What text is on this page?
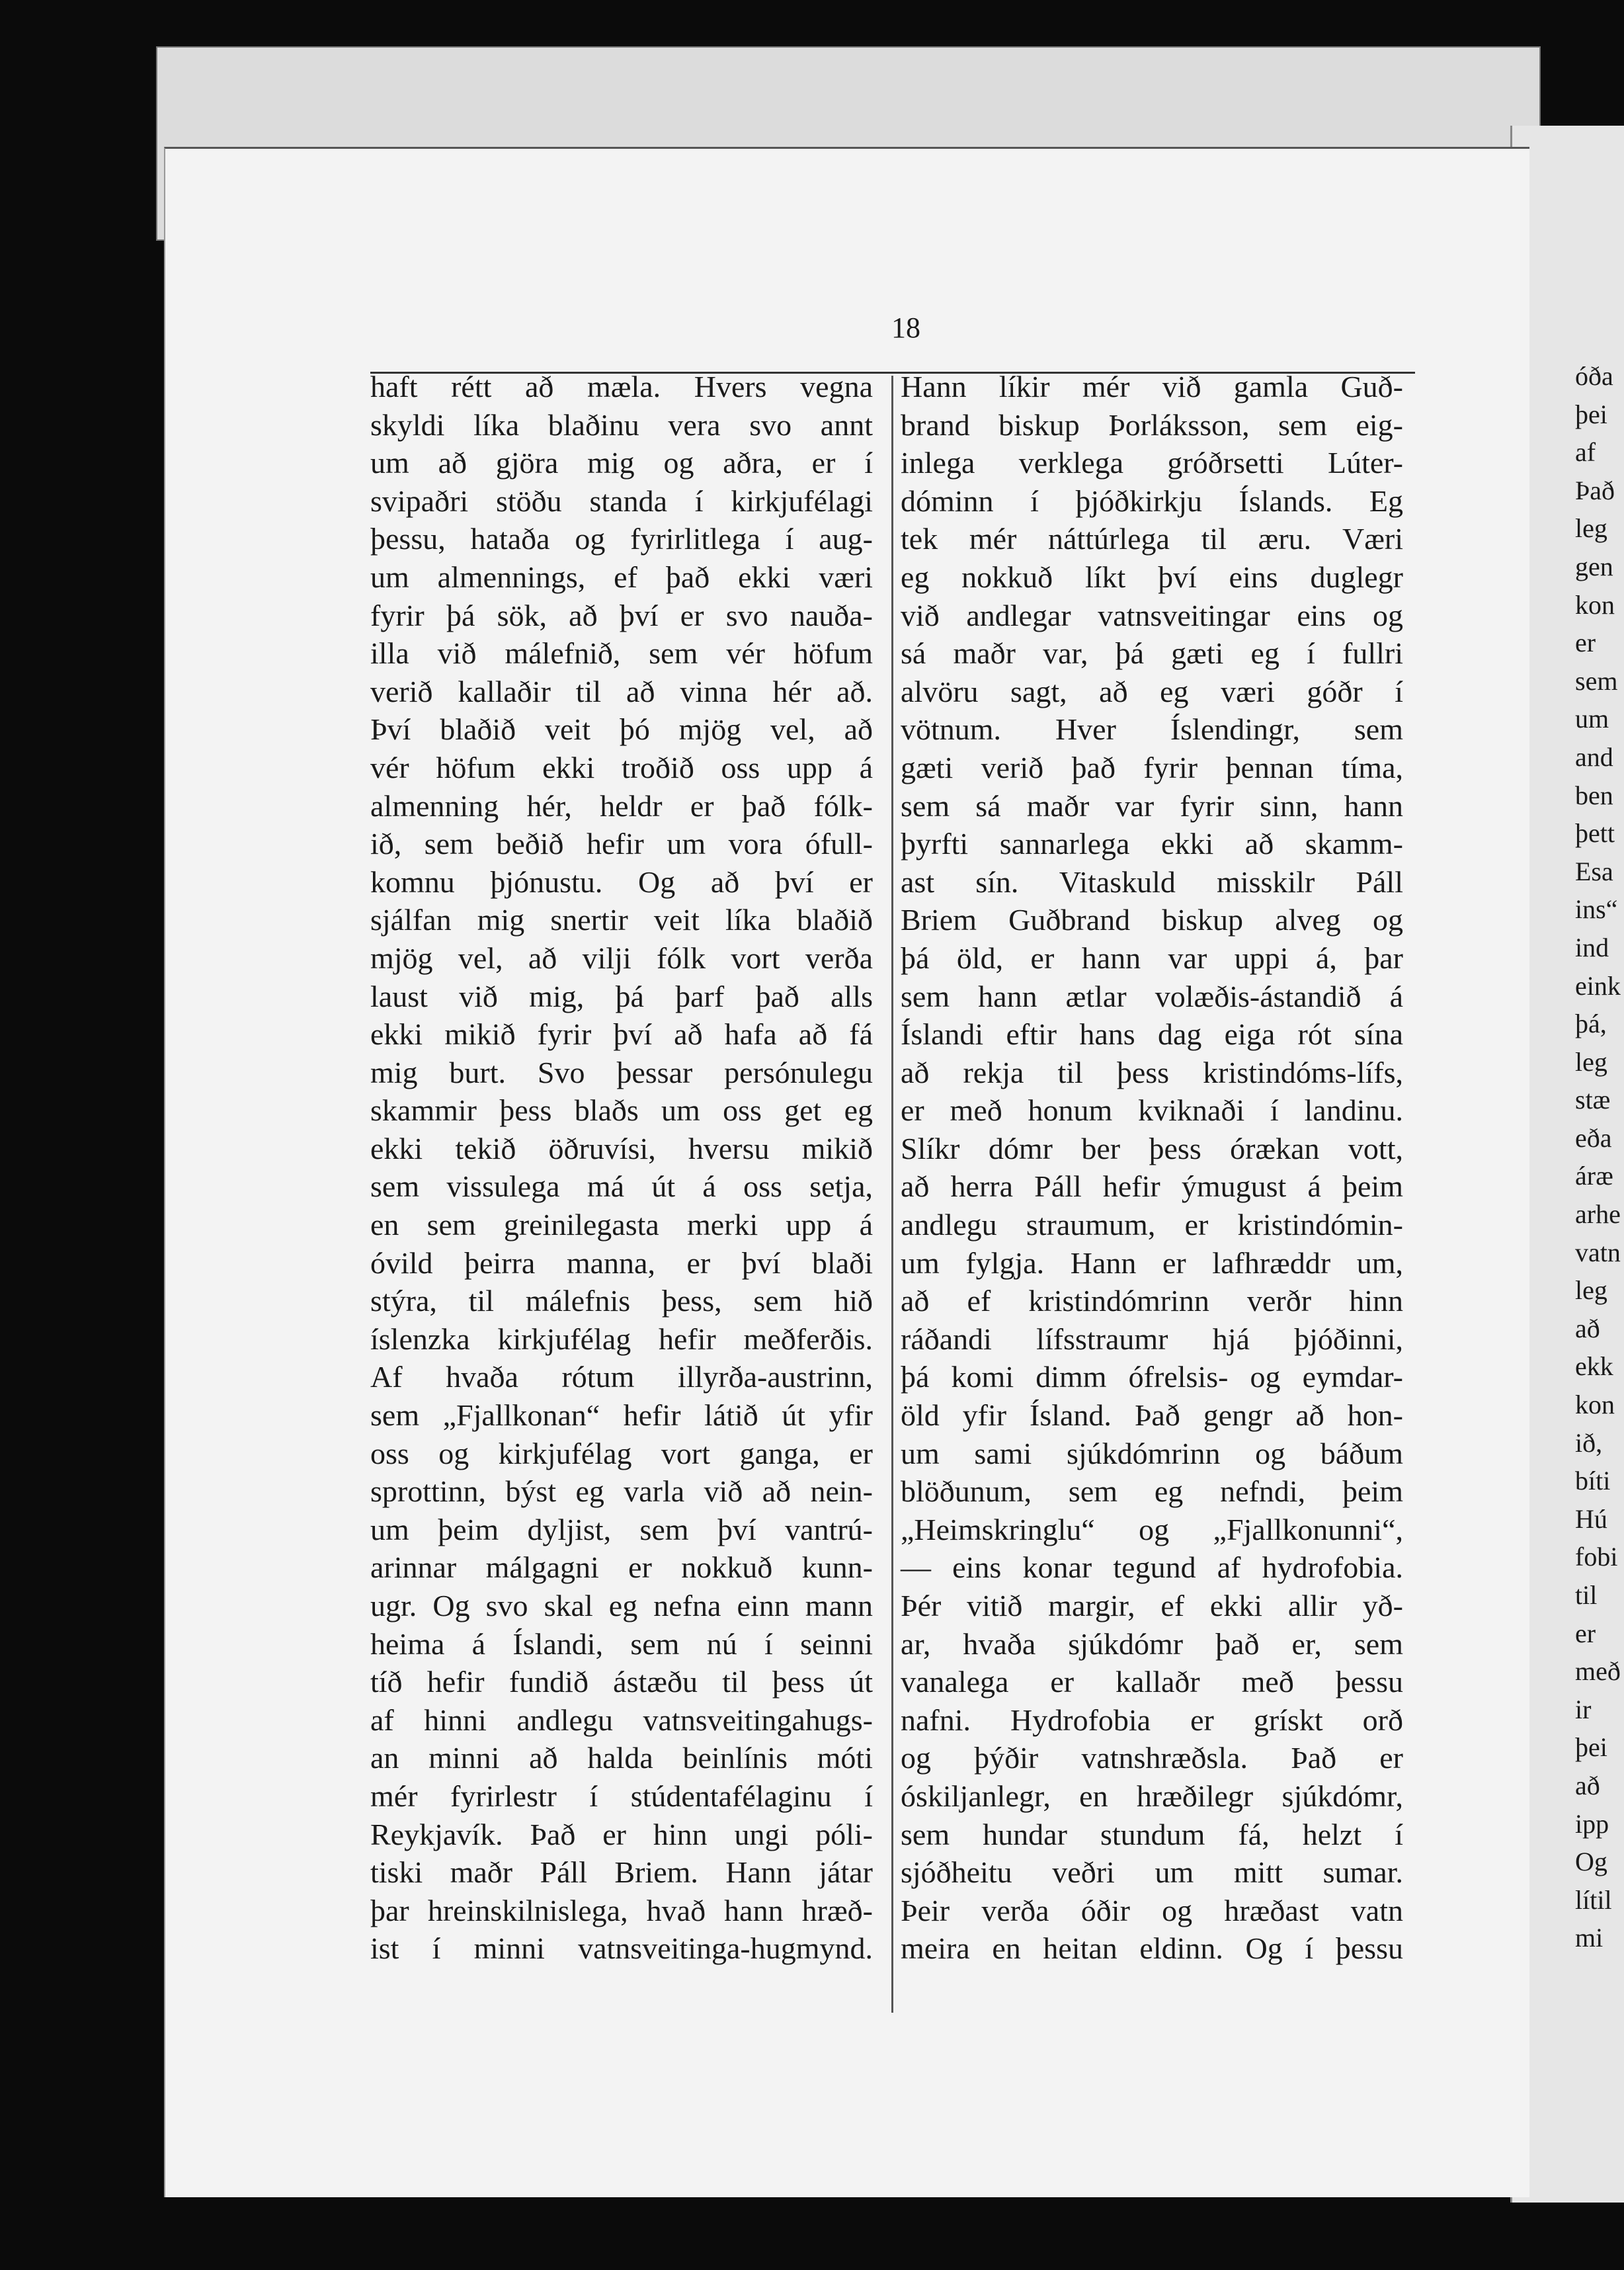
óða
þei
af
Það
leg
gen
kon
er
sem
um
and
ben
þett
Esa
ins“
ind
eink
þá,
leg
stæ
eða
áræ
arhe
vatn
leg
að
ekk
kon
ið,
bíti
Hú
fobi
til
er
með
ir
þei
að
ipp
Og
lítil
mi
18
haft rétt að mæla. Hvers vegna
skyldi líka blaðinu vera svo annt
um að gjöra mig og aðra, er í
svipaðri stöðu standa í kirkjufélagi
þessu, hataða og fyrirlitlega í aug-
um almennings, ef það ekki væri
fyrir þá sök, að því er svo nauða-
illa við málefnið, sem vér höfum
verið kallaðir til að vinna hér að.
Því blaðið veit þó mjög vel, að
vér höfum ekki troðið oss upp á
almenning hér, heldr er það fólk-
ið, sem beðið hefir um vora ófull-
komnu þjónustu. Og að því er
sjálfan mig snertir veit líka blaðið
mjög vel, að vilji fólk vort verða
laust við mig, þá þarf það alls
ekki mikið fyrir því að hafa að fá
mig burt. Svo þessar persónulegu
skammir þess blaðs um oss get eg
ekki tekið öðruvísi, hversu mikið
sem vissulega má út á oss setja,
en sem greinilegasta merki upp á
óvild þeirra manna, er því blaði
stýra, til málefnis þess, sem hið
íslenzka kirkjufélag hefir meðferðis.
Af hvaða rótum illyrða-austrinn,
sem „Fjallkonan“ hefir látið út yfir
oss og kirkjufélag vort ganga, er
sprottinn, býst eg varla við að nein-
um þeim dyljist, sem því vantrú-
arinnar málgagni er nokkuð kunn-
ugr. Og svo skal eg nefna einn mann
heima á Íslandi, sem nú í seinni
tíð hefir fundið ástæðu til þess út
af hinni andlegu vatnsveitingahugs-
an minni að halda beinlínis móti
mér fyrirlestr í stúdentafélaginu í
Reykjavík. Það er hinn ungi póli-
tiski maðr Páll Briem. Hann játar
þar hreinskilnislega, hvað hann hræð-
ist í minni vatnsveitinga-hugmynd.
Hann líkir mér við gamla Guð-
brand biskup Þorláksson, sem eig-
inlega verklega gróðrsetti Lúter-
dóminn í þjóðkirkju Íslands. Eg
tek mér náttúrlega til æru. Væri
eg nokkuð líkt því eins duglegr
við andlegar vatnsveitingar eins og
sá maðr var, þá gæti eg í fullri
alvöru sagt, að eg væri góðr í
vötnum. Hver Íslendingr, sem
gæti verið það fyrir þennan tíma,
sem sá maðr var fyrir sinn, hann
þyrfti sannarlega ekki að skamm-
ast sín. Vitaskuld misskilr Páll
Briem Guðbrand biskup alveg og
þá öld, er hann var uppi á, þar
sem hann ætlar volæðis-ástandið á
Íslandi eftir hans dag eiga rót sína
að rekja til þess kristindóms-lífs,
er með honum kviknaði í landinu.
Slíkr dómr ber þess órækan vott,
að herra Páll hefir ýmugust á þeim
andlegu straumum, er kristindómin-
um fylgja. Hann er lafhræddr um,
að ef kristindómrinn verðr hinn
ráðandi lífsstraumr hjá þjóðinni,
þá komi dimm ófrelsis- og eymdar-
öld yfir Ísland. Það gengr að hon-
um sami sjúkdómrinn og báðum
blöðunum, sem eg nefndi, þeim
„Heimskringlu“ og „Fjallkonunni“,
— eins konar tegund af hydrofobia.
Þér vitið margir, ef ekki allir yð-
ar, hvaða sjúkdómr það er, sem
vanalega er kallaðr með þessu
nafni. Hydrofobia er grískt orð
og þýðir vatnshræðsla. Það er
óskiljanlegr, en hræðilegr sjúkdómr,
sem hundar stundum fá, helzt í
sjóðheitu veðri um mitt sumar.
Þeir verða óðir og hræðast vatn
meira en heitan eldinn. Og í þessu
